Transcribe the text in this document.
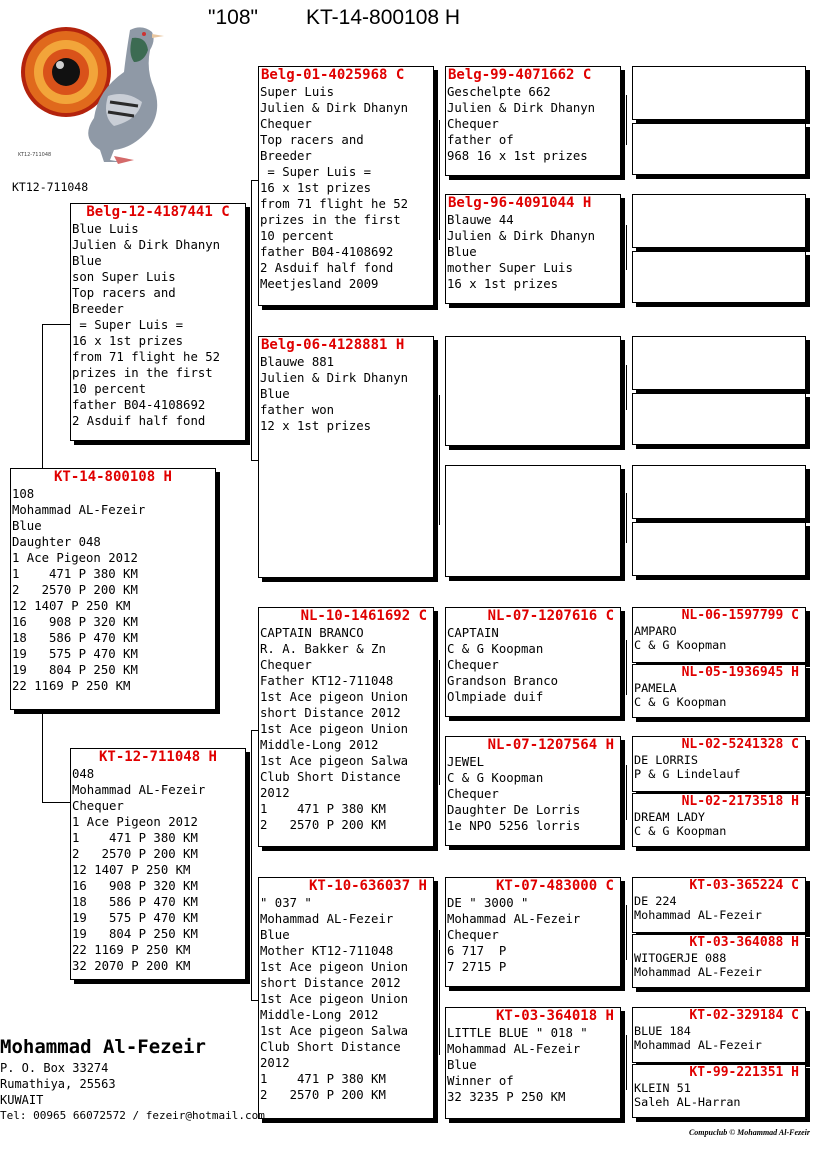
"108" KT-14-800108 H
KT12-711048
KT12-711048
KT-14-800108 H
108
Mohammad AL-Fezeir
Blue
Daughter 048
1 Ace Pigeon 2012
1    471 P 380 KM
2   2570 P 200 KM
12 1407 P 250 KM
16   908 P 320 KM
18   586 P 470 KM
19   575 P 470 KM
19   804 P 250 KM
22 1169 P 250 KM
Belg-12-4187441 C
Blue Luis
Julien & Dirk Dhanyn
Blue
son Super Luis
Top racers and
Breeder
= Super Luis =
16 x 1st prizes
from 71 flight he 52
prizes in the first
10 percent
father B04-4108692
2 Asduif half fond
KT-12-711048 H
048
Mohammad AL-Fezeir
Chequer
1 Ace Pigeon 2012
1    471 P 380 KM
2   2570 P 200 KM
12 1407 P 250 KM
16   908 P 320 KM
18   586 P 470 KM
19   575 P 470 KM
19   804 P 250 KM
22 1169 P 250 KM
32 2070 P 200 KM
Belg-01-4025968 C
Super Luis
Julien & Dirk Dhanyn
Chequer
Top racers and
Breeder
= Super Luis =
16 x 1st prizes
from 71 flight he 52
prizes in the first
10 percent
father B04-4108692
2 Asduif half fond
Meetjesland 2009
Belg-06-4128881 H
Blauwe 881
Julien & Dirk Dhanyn
Blue
father won
12 x 1st prizes
NL-10-1461692 C
CAPTAIN BRANCO
R. A. Bakker & Zn
Chequer
Father KT12-711048
1st Ace pigeon Union
short Distance 2012
1st Ace pigeon Union
Middle-Long 2012
1st Ace pigeon Salwa
Club Short Distance
2012
1    471 P 380 KM
2   2570 P 200 KM
KT-10-636037 H
" 037 "
Mohammad AL-Fezeir
Blue
Mother KT12-711048
1st Ace pigeon Union
short Distance 2012
1st Ace pigeon Union
Middle-Long 2012
1st Ace pigeon Salwa
Club Short Distance
2012
1    471 P 380 KM
2   2570 P 200 KM
Belg-99-4071662 C
Geschelpte 662
Julien & Dirk Dhanyn
Chequer
father of
968 16 x 1st prizes
Belg-96-4091044 H
Blauwe 44
Julien & Dirk Dhanyn
Blue
mother Super Luis
16 x 1st prizes
NL-07-1207616 C
CAPTAIN
C & G Koopman
Chequer
Grandson Branco
Olmpiade duif
NL-07-1207564 H
JEWEL
C & G Koopman
Chequer
Daughter De Lorris
1e NPO 5256 lorris
KT-07-483000 C
DE " 3000 "
Mohammad AL-Fezeir
Chequer
6 717  P
7 2715 P
KT-03-364018 H
LITTLE BLUE " 018 "
Mohammad AL-Fezeir
Blue
Winner of
32 3235 P 250 KM
NL-06-1597799 C
AMPARO
C & G Koopman
NL-05-1936945 H
PAMELA
C & G Koopman
NL-02-5241328 C
DE LORRIS
P & G Lindelauf
NL-02-2173518 H
DREAM LADY
C & G Koopman
KT-03-365224 C
DE 224
Mohammad AL-Fezeir
KT-03-364088 H
WITOGERJE 088
Mohammad AL-Fezeir
KT-02-329184 C
BLUE 184
Mohammad AL-Fezeir
KT-99-221351 H
KLEIN 51
Saleh AL-Harran
Mohammad Al-Fezeir
P. O. Box 33274
Rumathiya, 25563
KUWAIT
Tel: 00965 66072572 / fezeir@hotmail.com
Compuclub © Mohammad Al-Fezeir
